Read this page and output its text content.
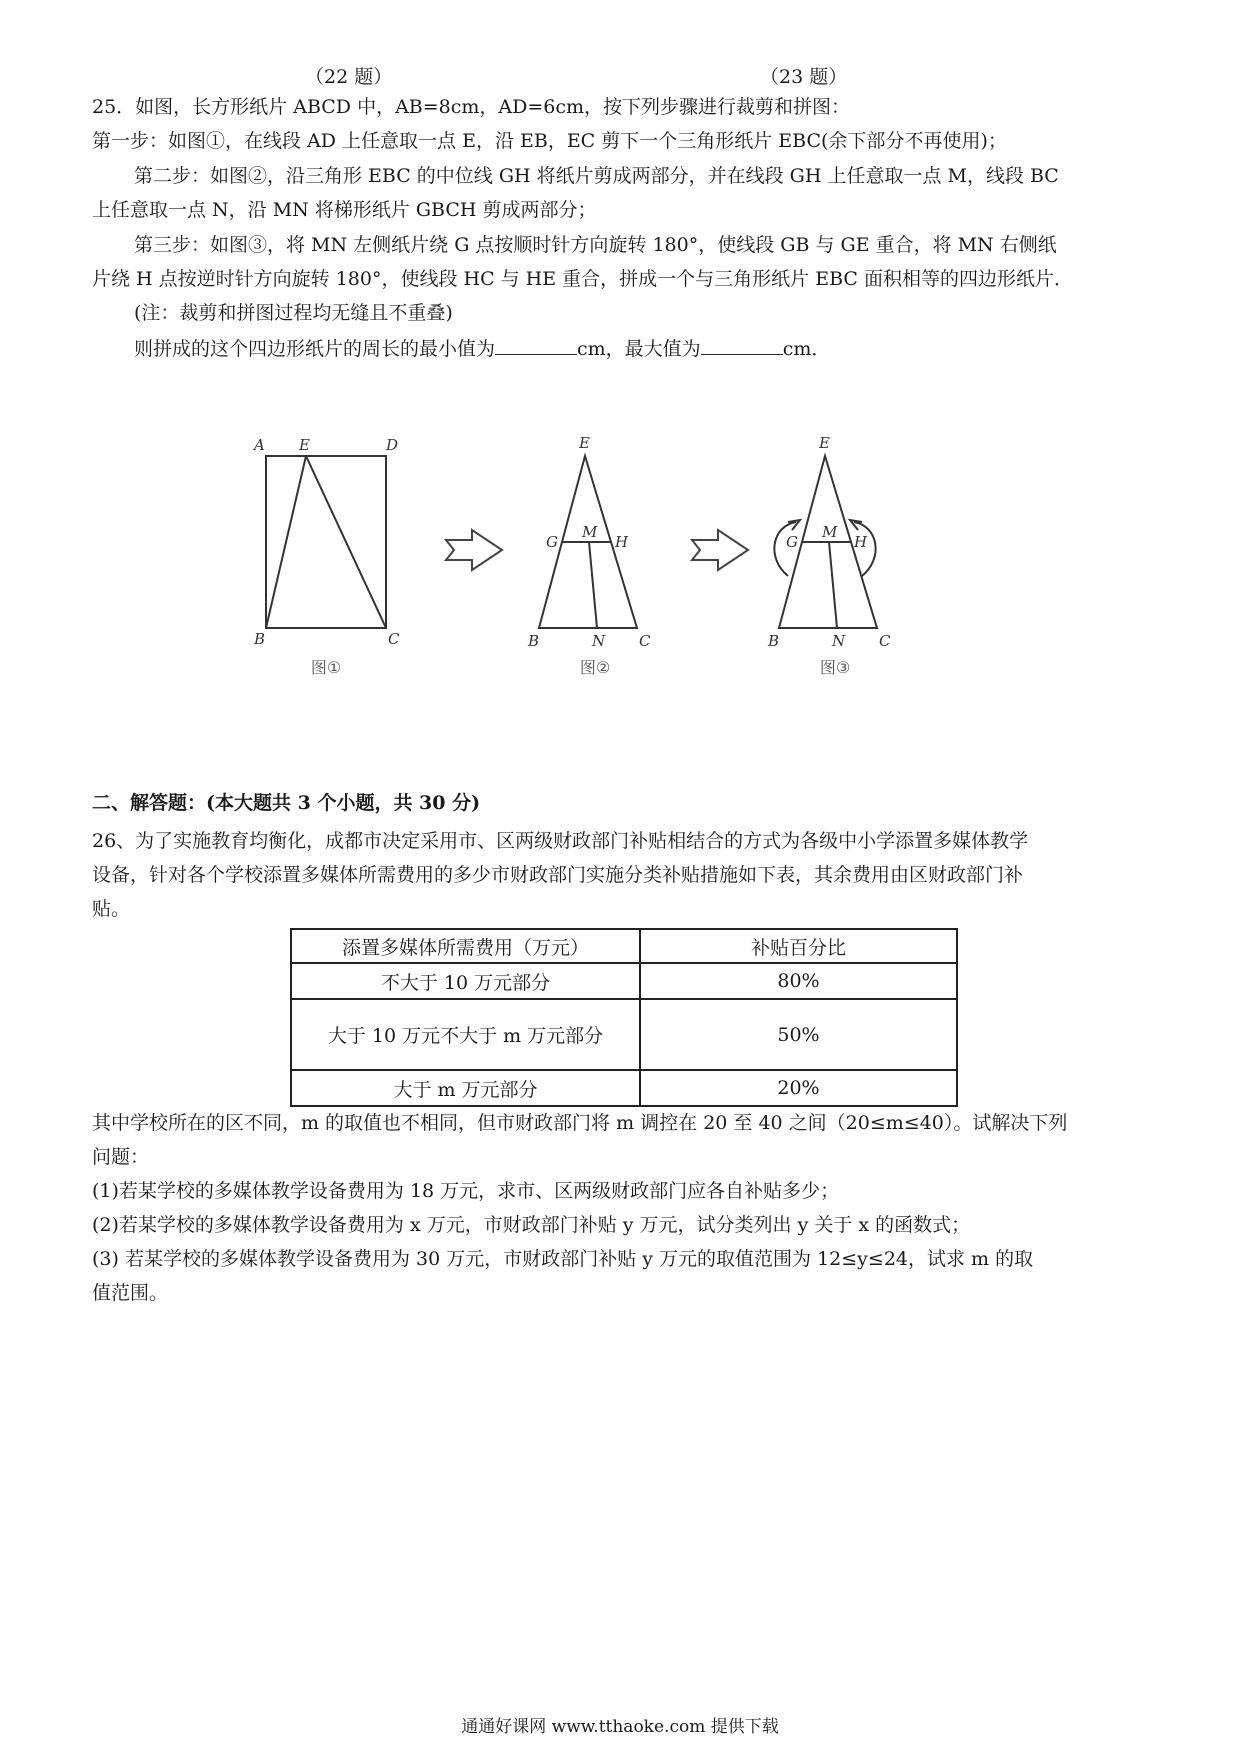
（22 题）	（23 题）
25．如图，长方形纸片 ABCD 中，AB=8cm，AD=6cm，按下列步骤进行裁剪和拼图：
第一步：如图①，在线段 AD 上任意取一点 E，沿 EB，EC 剪下一个三角形纸片 EBC(余下部分不再使用)；
第二步：如图②，沿三角形 EBC 的中位线 GH 将纸片剪成两部分，并在线段 GH 上任意取一点 M，线段 BC
上任意取一点 N，沿 MN 将梯形纸片 GBCH 剪成两部分；
第三步：如图③，将 MN 左侧纸片绕 G 点按顺时针方向旋转 180°，使线段 GB 与 GE 重合，将 MN 右侧纸
片绕 H 点按逆时针方向旋转 180°，使线段 HC 与 HE 重合，拼成一个与三角形纸片 EBC 面积相等的四边形纸片．
(注：裁剪和拼图过程均无缝且不重叠)
则拼成的这个四边形纸片的周长的最小值为	cm，最大值为	cm．
A E	D
B	C
图①
E
G
M
H
B	N C
图②
E
G
M
H
B	N C
图③
二、解答题：(本大题共 3 个小题，共 30 分)
26、为了实施教育均衡化，成都市决定采用市、区两级财政部门补贴相结合的方式为各级中小学添置多媒体教学
设备，针对各个学校添置多媒体所需费用的多少市财政部门实施分类补贴措施如下表，其余费用由区财政部门补
贴。
添置多媒体所需费用（万元）	补贴百分比
不大于 10 万元部分	80%
大于 10 万元不大于 m 万元部分	50%
大于 m 万元部分	20%
其中学校所在的区不同，m 的取值也不相同，但市财政部门将 m 调控在 20 至 40 之间（20≤m≤40）。试解决下列
问题：
(1)若某学校的多媒体教学设备费用为 18 万元，求市、区两级财政部门应各自补贴多少；
(2)若某学校的多媒体教学设备费用为 x 万元，市财政部门补贴 y 万元，试分类列出 y 关于 x 的函数式；
(3) 若某学校的多媒体教学设备费用为 30 万元，市财政部门补贴 y 万元的取值范围为 12≤y≤24，试求 m 的取
值范围。
通通好课网 www.tthaoke.com 提供下载
